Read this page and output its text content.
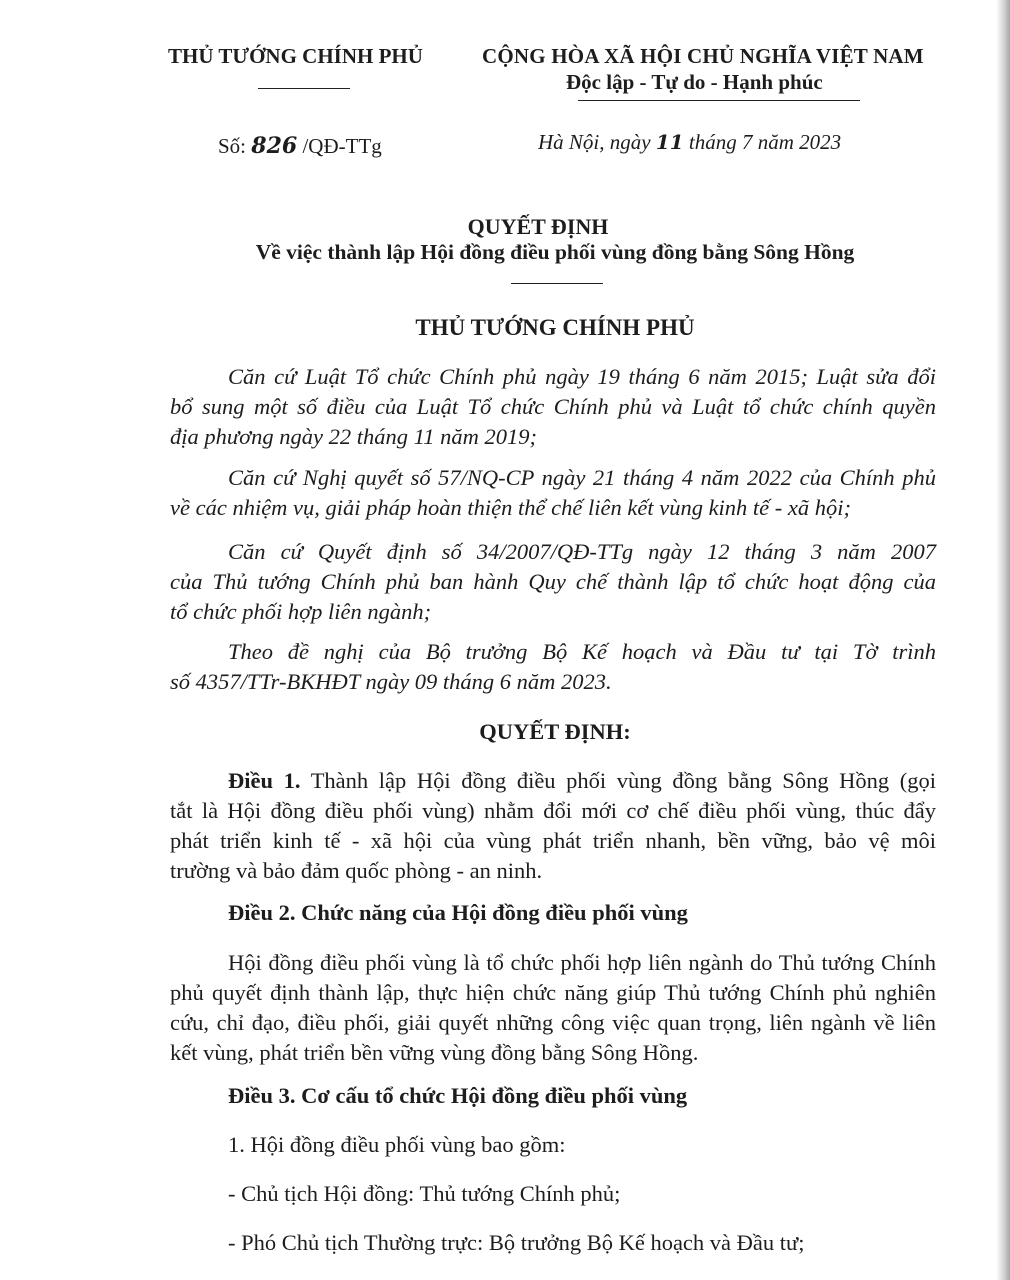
THỦ TƯỚNG CHÍNH PHỦ	CỘNG HÒA XÃ HỘI CHỦ NGHĨA VIỆT NAM
Độc lập - Tự do - Hạnh phúc
Số: 826 /QĐ-TTg	Hà Nội, ngày 11 tháng 7 năm 2023
QUYẾT ĐỊNH
Về việc thành lập Hội đồng điều phối vùng đồng bằng Sông Hồng
THỦ TƯỚNG CHÍNH PHỦ
Căn cứ Luật Tổ chức Chính phủ ngày 19 tháng 6 năm 2015; Luật sửa đổi
bổ sung một số điều của Luật Tổ chức Chính phủ và Luật tổ chức chính quyền
địa phương ngày 22 tháng 11 năm 2019;
Căn cứ Nghị quyết số 57/NQ-CP ngày 21 tháng 4 năm 2022 của Chính phủ
về các nhiệm vụ, giải pháp hoàn thiện thể chế liên kết vùng kinh tế - xã hội;
Căn cứ Quyết định số 34/2007/QĐ-TTg ngày 12 tháng 3 năm 2007
của Thủ tướng Chính phủ ban hành Quy chế thành lập tổ chức hoạt động của
tổ chức phối hợp liên ngành;
Theo đề nghị của Bộ trưởng Bộ Kế hoạch và Đầu tư tại Tờ trình
số 4357/TTr-BKHĐT ngày 09 tháng 6 năm 2023.
QUYẾT ĐỊNH:
Điều 1. Thành lập Hội đồng điều phối vùng đồng bằng Sông Hồng (gọi
tắt là Hội đồng điều phối vùng) nhằm đổi mới cơ chế điều phối vùng, thúc đẩy
phát triển kinh tế - xã hội của vùng phát triển nhanh, bền vững, bảo vệ môi
trường và bảo đảm quốc phòng - an ninh.
Điều 2. Chức năng của Hội đồng điều phối vùng
Hội đồng điều phối vùng là tổ chức phối hợp liên ngành do Thủ tướng Chính
phủ quyết định thành lập, thực hiện chức năng giúp Thủ tướng Chính phủ nghiên
cứu, chỉ đạo, điều phối, giải quyết những công việc quan trọng, liên ngành về liên
kết vùng, phát triển bền vững vùng đồng bằng Sông Hồng.
Điều 3. Cơ cấu tổ chức Hội đồng điều phối vùng
1. Hội đồng điều phối vùng bao gồm:
- Chủ tịch Hội đồng: Thủ tướng Chính phủ;
- Phó Chủ tịch Thường trực: Bộ trưởng Bộ Kế hoạch và Đầu tư;
